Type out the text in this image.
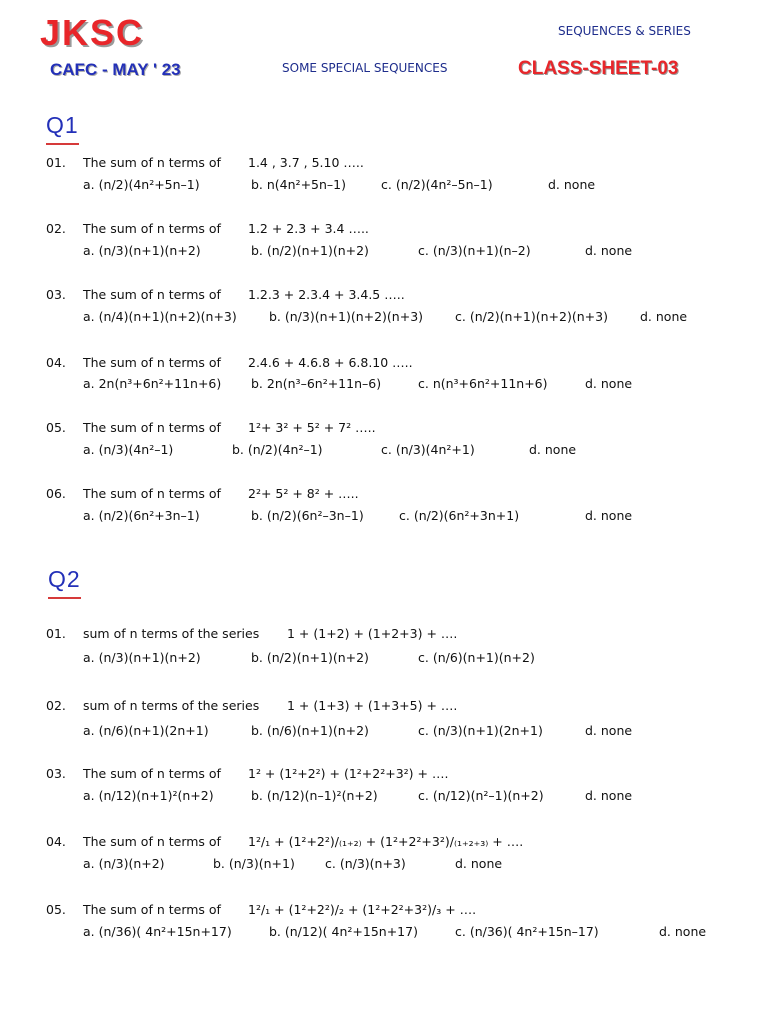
JKSC
CAFC - MAY ' 23
SEQUENCES & SERIES
SOME SPECIAL SEQUENCES	CLASS-SHEET-03
Q1
01. The sum of n terms of 1.4 , 3.7 , 5.10 …..
a. (n/2)(4n²+5n–1)	b. n(4n²+5n–1)	c. (n/2)(4n²–5n–1)	d. none
02. The sum of n terms of 1.2 + 2.3 + 3.4 …..
a. (n/3)(n+1)(n+2)	b. (n/2)(n+1)(n+2)	c. (n/3)(n+1)(n–2)	d. none
03. The sum of n terms of 1.2.3 + 2.3.4 + 3.4.5 …..
a. (n/4)(n+1)(n+2)(n+3)	b. (n/3)(n+1)(n+2)(n+3)	c. (n/2)(n+1)(n+2)(n+3)	d. none
04. The sum of n terms of 2.4.6 + 4.6.8 + 6.8.10 …..
a. 2n(n³+6n²+11n+6) b. 2n(n³–6n²+11n–6)	c. n(n³+6n²+11n+6)	d. none
05. The sum of n terms of 1²+ 3² + 5² + 7² …..
a. (n/3)(4n²–1)	b. (n/2)(4n²–1)	c. (n/3)(4n²+1)	d. none
06. The sum of n terms of 2²+ 5² + 8² + …..
a. (n/2)(6n²+3n–1)	b. (n/2)(6n²–3n–1)	c. (n/2)(6n²+3n+1)	d. none
Q2
01. sum of n terms of the series 1 + (1+2) + (1+2+3) + ….
a. (n/3)(n+1)(n+2)	b. (n/2)(n+1)(n+2)	c. (n/6)(n+1)(n+2)
02. sum of n terms of the series 1 + (1+3) + (1+3+5) + ….
a. (n/6)(n+1)(2n+1)	b. (n/6)(n+1)(n+2)	c. (n/3)(n+1)(2n+1)	d. none
03. The sum of n terms of 1² + (1²+2²) + (1²+2²+3²) + ….
a. (n/12)(n+1)²(n+2)	b. (n/12)(n–1)²(n+2)	c. (n/12)(n²–1)(n+2)	d. none
04. The sum of n terms of 1²/₁ + (1²+2²)/₍₁₊₂₎ + (1²+2²+3²)/₍₁₊₂₊₃₎ + ….
a. (n/3)(n+2)	b. (n/3)(n+1) c. (n/3)(n+3)	d. none
05. The sum of n terms of 1²/₁ + (1²+2²)/₂ + (1²+2²+3²)/₃ + ….
a. (n/36)( 4n²+15n+17)	b. (n/12)( 4n²+15n+17)	c. (n/36)( 4n²+15n–17)	d. none
